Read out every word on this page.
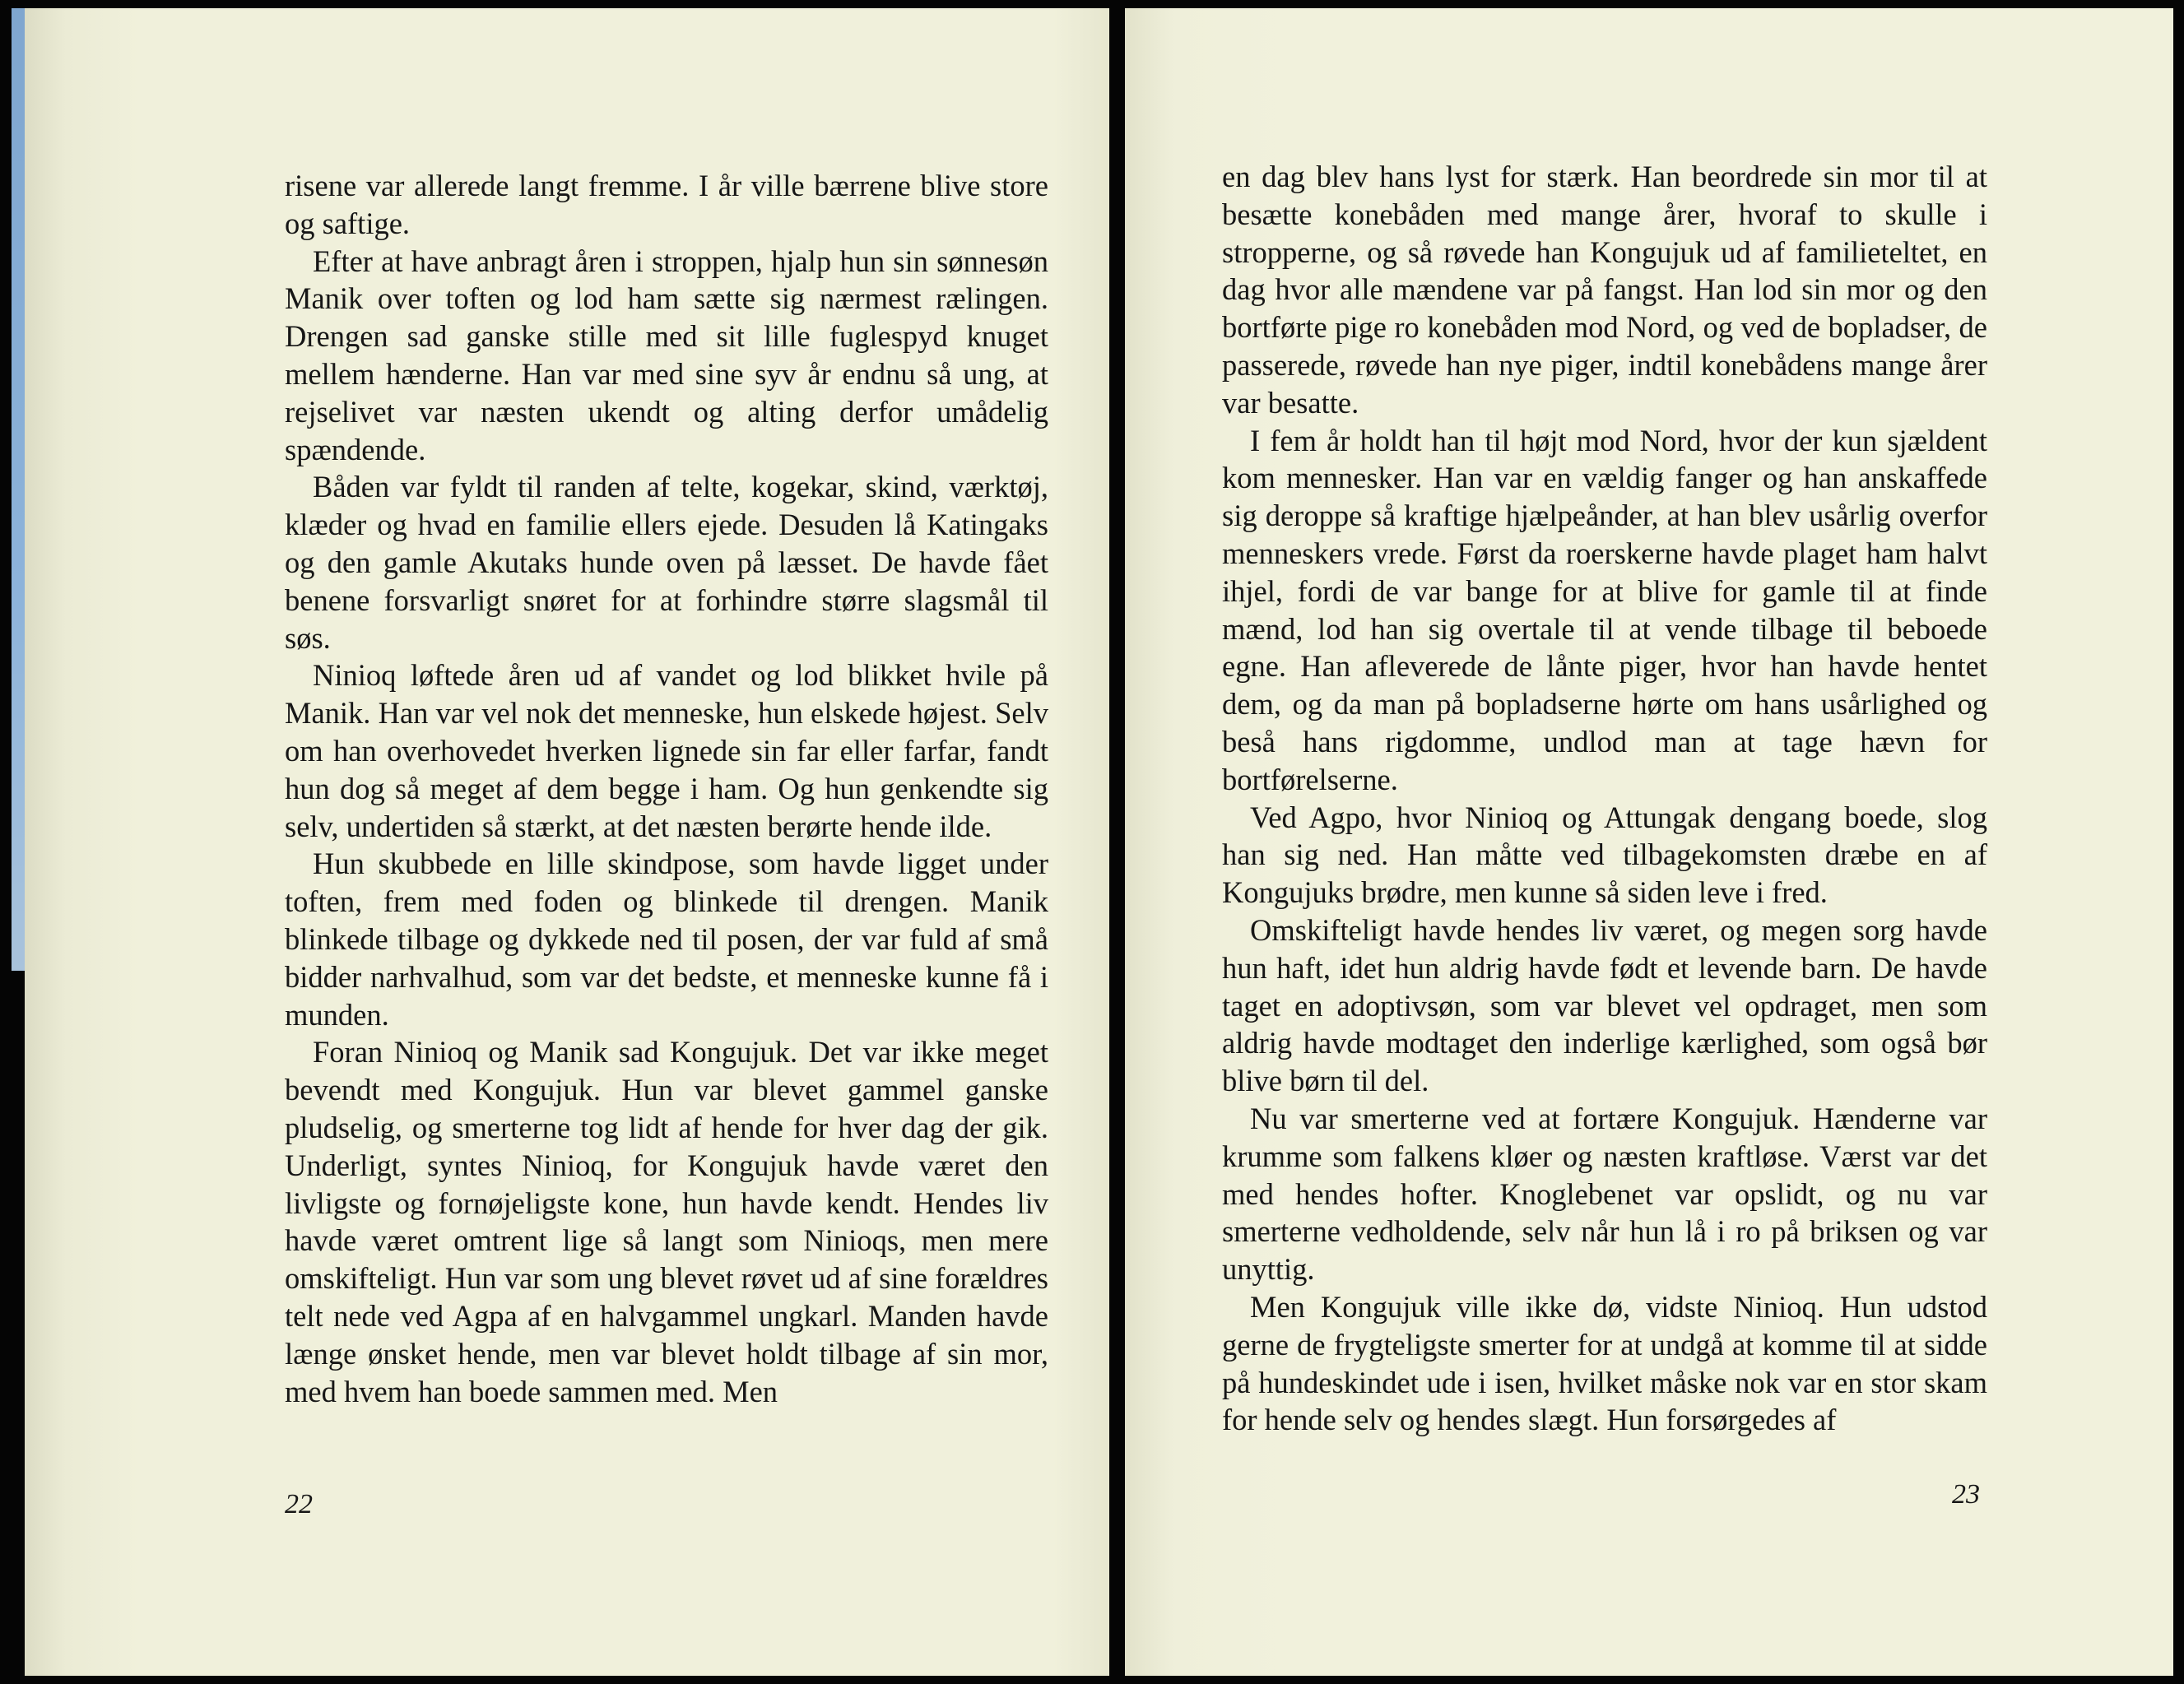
risene var allerede langt fremme. I år ville bærrene blive store og saftige.

Efter at have anbragt åren i stroppen, hjalp hun sin sønnesøn Manik over toften og lod ham sætte sig nærmest rælingen. Drengen sad ganske stille med sit lille fuglespyd knuget mellem hænderne. Han var med sine syv år endnu så ung, at rejselivet var næsten ukendt og alting derfor umådelig spændende.

Båden var fyldt til randen af telte, kogekar, skind, værktøj, klæder og hvad en familie ellers ejede. Desuden lå Katingaks og den gamle Akutaks hunde oven på læsset. De havde fået benene forsvarligt snøret for at forhindre større slagsmål til søs.

Ninioq løftede åren ud af vandet og lod blikket hvile på Manik. Han var vel nok det menneske, hun elskede højest. Selv om han overhovedet hverken lignede sin far eller farfar, fandt hun dog så meget af dem begge i ham. Og hun genkendte sig selv, undertiden så stærkt, at det næsten berørte hende ilde.

Hun skubbede en lille skindpose, som havde ligget under toften, frem med foden og blinkede til drengen. Manik blinkede tilbage og dykkede ned til posen, der var fuld af små bidder narhvalhud, som var det bedste, et menneske kunne få i munden.

Foran Ninioq og Manik sad Kongujuk. Det var ikke meget bevendt med Kongujuk. Hun var blevet gammel ganske pludselig, og smerterne tog lidt af hende for hver dag der gik. Underligt, syntes Ninioq, for Kongujuk havde været den livligste og fornøjeligste kone, hun havde kendt. Hendes liv havde været omtrent lige så langt som Ninioqs, men mere omskifteligt. Hun var som ung blevet røvet ud af sine forældres telt nede ved Agpa af en halvgammel ungkarl. Manden havde længe ønsket hende, men var blevet holdt tilbage af sin mor, med hvem han boede sammen med. Men

22

en dag blev hans lyst for stærk. Han beordrede sin mor til at besætte konebåden med mange årer, hvoraf to skulle i stropperne, og så røvede han Kongujuk ud af familieteltet, en dag hvor alle mændene var på fangst. Han lod sin mor og den bortførte pige ro konebåden mod Nord, og ved de bopladser, de passerede, røvede han nye piger, indtil konebådens mange årer var besatte.

I fem år holdt han til højt mod Nord, hvor der kun sjældent kom mennesker. Han var en vældig fanger og han anskaffede sig deroppe så kraftige hjælpeånder, at han blev usårlig overfor menneskers vrede. Først da roerskerne havde plaget ham halvt ihjel, fordi de var bange for at blive for gamle til at finde mænd, lod han sig overtale til at vende tilbage til beboede egne. Han afleverede de lånte piger, hvor han havde hentet dem, og da man på bopladserne hørte om hans usårlighed og beså hans rigdomme, undlod man at tage hævn for bortførelserne.

Ved Agpo, hvor Ninioq og Attungak dengang boede, slog han sig ned. Han måtte ved tilbagekomsten dræbe en af Kongujuks brødre, men kunne så siden leve i fred.

Omskifteligt havde hendes liv været, og megen sorg havde hun haft, idet hun aldrig havde født et levende barn. De havde taget en adoptivsøn, som var blevet vel opdraget, men som aldrig havde modtaget den inderlige kærlighed, som også bør blive børn til del.

Nu var smerterne ved at fortære Kongujuk. Hænderne var krumme som falkens kløer og næsten kraftløse. Værst var det med hendes hofter. Knoglebenet var opslidt, og nu var smerterne vedholdende, selv når hun lå i ro på briksen og var unyttig.

Men Kongujuk ville ikke dø, vidste Ninioq. Hun udstod gerne de frygteligste smerter for at undgå at komme til at sidde på hundeskindet ude i isen, hvilket måske nok var en stor skam for hende selv og hendes slægt. Hun forsørgedes af

23
